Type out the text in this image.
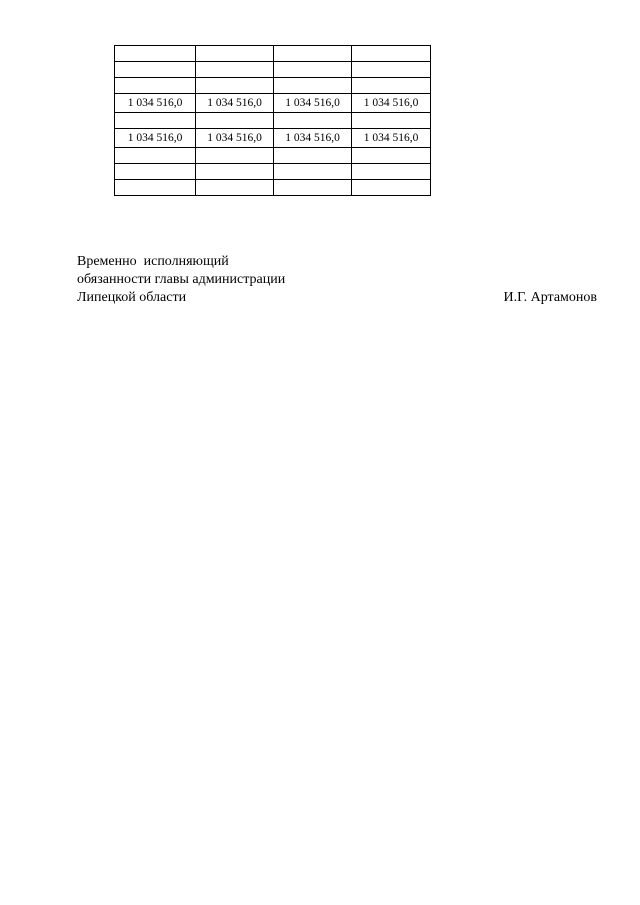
1 034 516,0	1 034 516,0	1 034 516,0	1 034 516,0

1 034 516,0	1 034 516,0	1 034 516,0	1 034 516,0

Временно  исполняющий
обязанности главы администрации
Липецкой области	И.Г. Артамонов
